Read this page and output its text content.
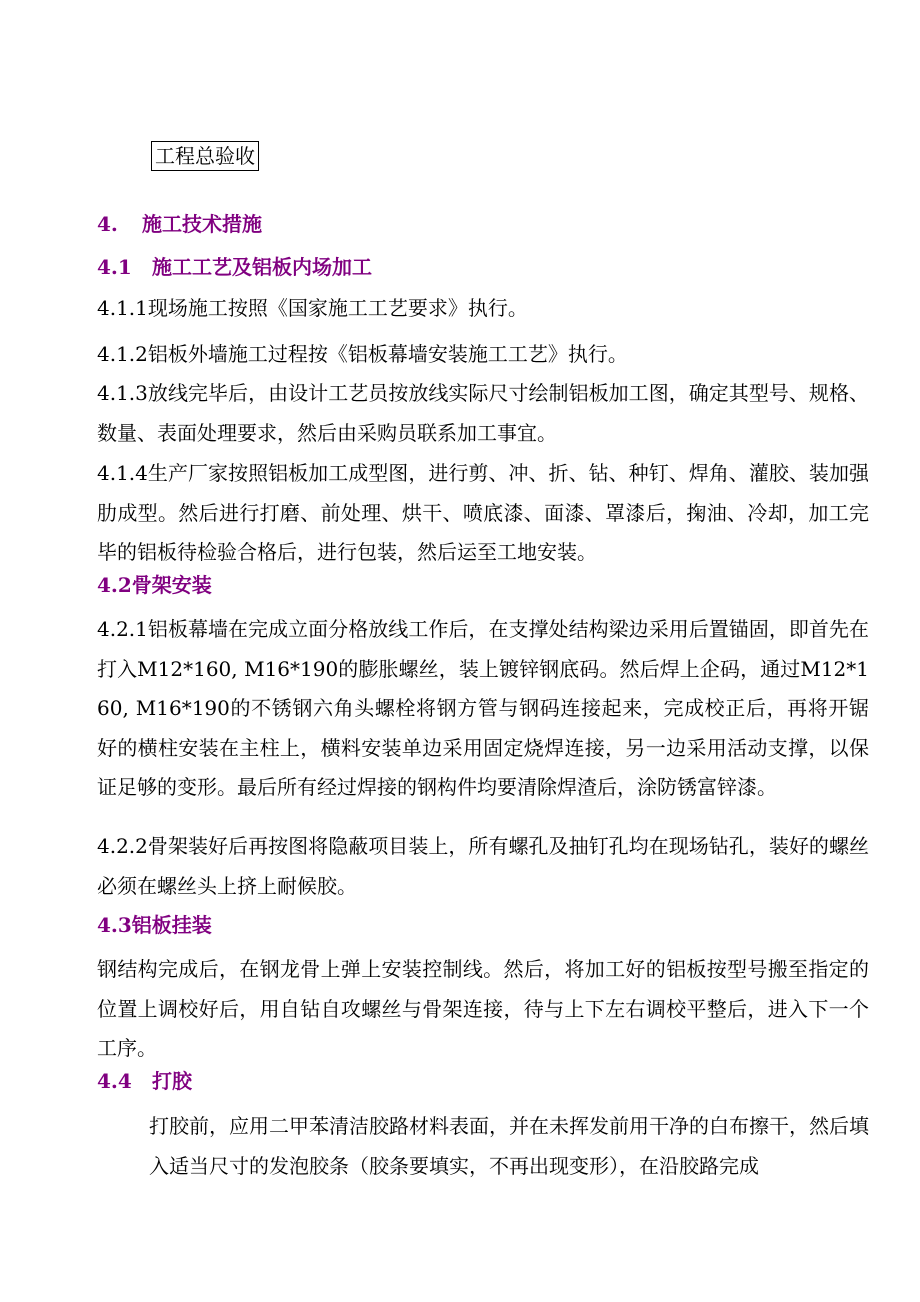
工程总验收
4. 施工技术措施
4.1 施工工艺及铝板内场加工
4.1.1现场施工按照《国家施工工艺要求》执行。
4.1.2铝板外墙施工过程按《铝板幕墙安装施工工艺》执行。
4.1.3放线完毕后，由设计工艺员按放线实际尺寸绘制铝板加工图，确定其型号、规格、数量、表面处理要求，然后由采购员联系加工事宜。
4.1.4生产厂家按照铝板加工成型图，进行剪、冲、折、钻、种钉、焊角、灌胶、装加强肋成型。然后进行打磨、前处理、烘干、喷底漆、面漆、罩漆后，掬油、冷却，加工完毕的铝板待检验合格后，进行包装，然后运至工地安装。
4.2骨架安装
4.2.1铝板幕墙在完成立面分格放线工作后，在支撑处结构梁边采用后置锚固，即首先在打入M12*160, M16*190的膨胀螺丝，装上镀锌钢底码。然后焊上企码，通过M12*160, M16*190的不锈钢六角头螺栓将钢方管与钢码连接起来，完成校正后，再将开锯好的横柱安装在主柱上，横料安装单边采用固定烧焊连接，另一边采用活动支撑，以保证足够的变形。最后所有经过焊接的钢构件均要清除焊渣后，涂防锈富锌漆。
4.2.2骨架装好后再按图将隐蔽项目装上，所有螺孔及抽钉孔均在现场钻孔，装好的螺丝必须在螺丝头上挤上耐候胶。
4.3铝板挂装
钢结构完成后，在钢龙骨上弹上安装控制线。然后，将加工好的铝板按型号搬至指定的位置上调校好后，用自钻自攻螺丝与骨架连接，待与上下左右调校平整后，进入下一个工序。
4.4 打胶
打胶前，应用二甲苯清洁胶路材料表面，并在未挥发前用干净的白布擦干，然后填入适当尺寸的发泡胶条（胶条要填实，不再出现变形），在沿胶路完成
